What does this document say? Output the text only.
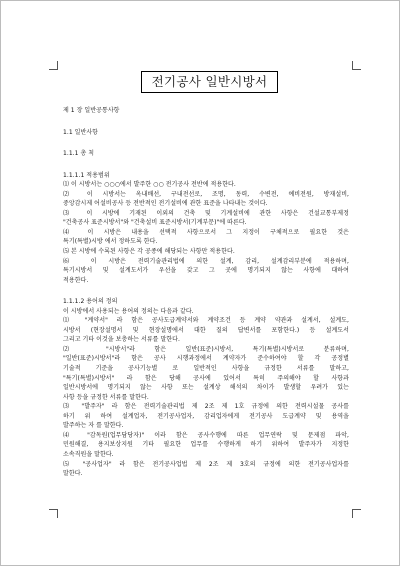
전기공사 일반시방서

제 1 장 일반공통사항

1.1 일반사항

1.1.1 총 칙

1.1.1.1 적용범위

⑴ 이 시방서는 ○○○에서 발주한 ○○ 전기공사 전반에 적용한다.

⑵ 이 시방서는 옥내배선, 구내전선로, 조명, 동력, 수변전, 예비전원, 방재설비,

중앙감시제 어설비공사 등 전반적인 전기설비에 관한 표준을 나타내는 것이다.

⑶ 이 시방에 기재된 이외의 건축 및 기계설비에 관한 사항은 건설교통부제정

"건축공사 표준시방서"와 "건축설비 표준시방서(기계부문)"에 따른다.

⑷ 이 시방은 내용을 선택적 사항으로서 그 지정이 구체적으로 필요한 것은

특기(특별)시방 에서 정하도록 한다.

⑸ 본 시방에 수록된 사항은 각 공종에 해당되는 사항만 적용한다.

⑹ 이 시방은 전력기술관리법에 의한 설계, 감리, 설계감리부분에 적용하며,

특기시방서 및 설계도서가 우선을 갖고 그 곳에 명기되지 않는 사항에 대하여

적용한다.

1.1.1.2 용어의 정의

이 시방에서 사용되는 용어의 정의는 다음과 같다.

⑴ "계약서" 라 함은 공사도급계약서와 계약조건 등 계약 약관과 설계서, 설계도,

시방서 (현장설명서 및 현장설명에서 대한 질의 답변서를 포함한다.) 등 설계도서

그리고 기타 이것을 보충하는 서류를 말한다.

⑵ "시방서"라 함은 일반(표준)시방서, 특기(특별)시방서로 분류하며,

"일반(표준)시방서"라 함은 공사 시행과정에서 계약자가 준수하여야 할 각 공정별

기술적 기준을 공사기능별 로 일반적인 사항을 규정한 서류를 말하고,

"특기(특별)시방서" 라 함은 당해 공사에 있어서 특히 주의해야 할 사항과

일반시방서에 명기되지 않는 사항 또는 설계상 해석의 차이가 발생할 우려가 있는

사항 등을 규정한 서류를 말한다.

⑶ "발주자" 라 함은 전력기술관리법 제 2조 제 1호 규정에 의한 전력시설물 공사를

하기 위 하여 설계업자, 전기공사업자, 감리업자에게 전기공사 도급계약 및 용역을

발주하는 자 를 말한다.

⑷ "감독원(업무담당자)" 이라 함은 공사수행에 따른 업무연락 및 문제점 파악,

민원해결, 용지보상지원 기타 필요한 업무를 수행하게 하기 위하여 발주자가 지정한

소속직원을 말한다.

⑸ "공사업자" 라 함은 전기공사업법 제 2조 제 3호의 규정에 의한 전기공사업자를

말한다.
